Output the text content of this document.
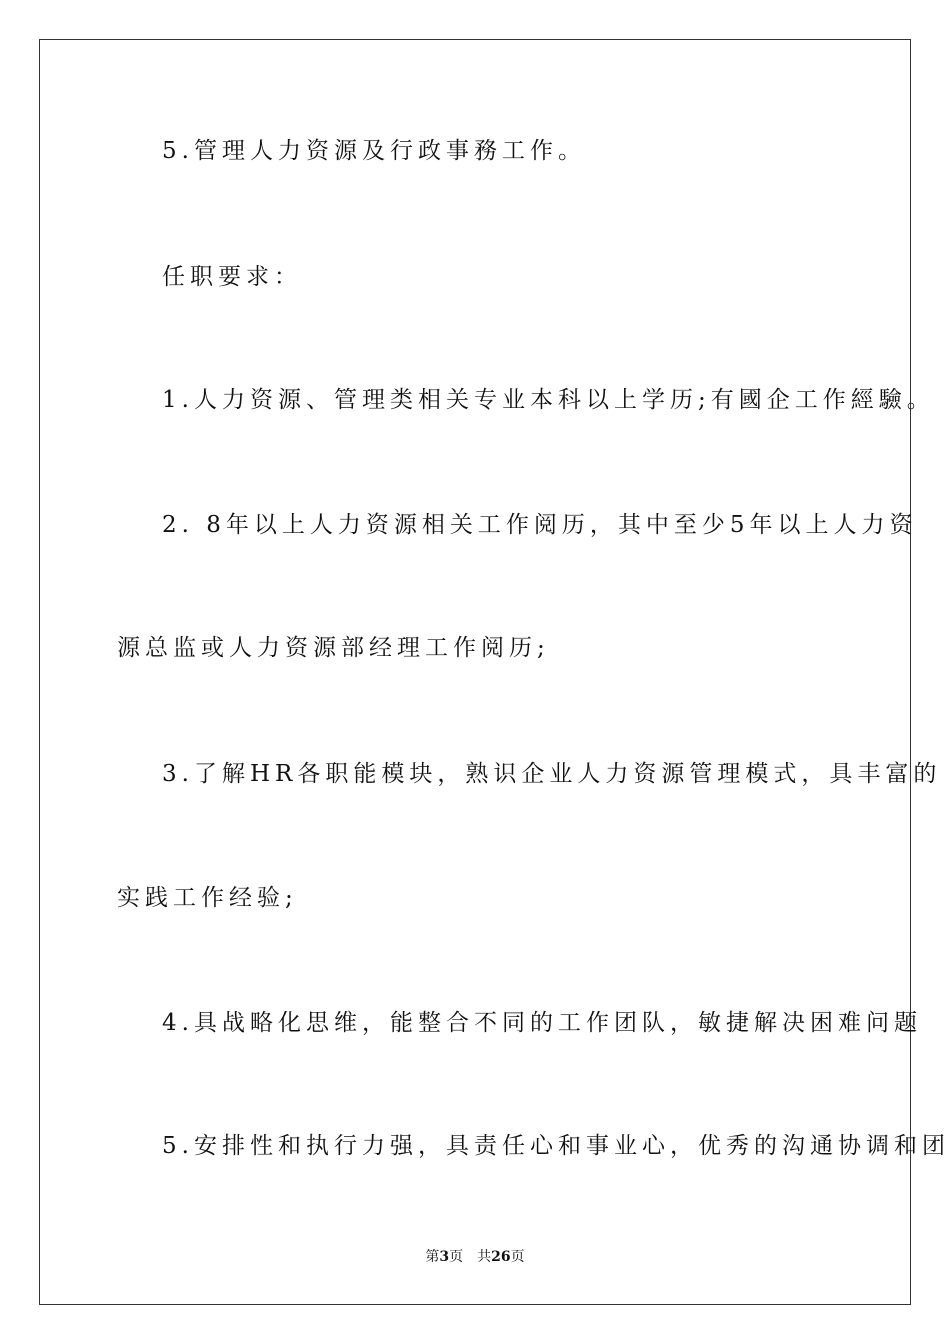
5.管理人力资源及行政事務工作。
任职要求：
1.人力资源、管理类相关专业本科以上学历;有國企工作經驗。
2. 8年以上人力资源相关工作阅历，其中至少5年以上人力资
源总监或人力资源部经理工作阅历;
3.了解HR各职能模块，熟识企业人力资源管理模式，具丰富的
实践工作经验;
4.具战略化思维，能整合不同的工作团队，敏捷解决困难问题
5.安排性和执行力强，具责任心和事业心，优秀的沟通协调和团
第3页 共26页
